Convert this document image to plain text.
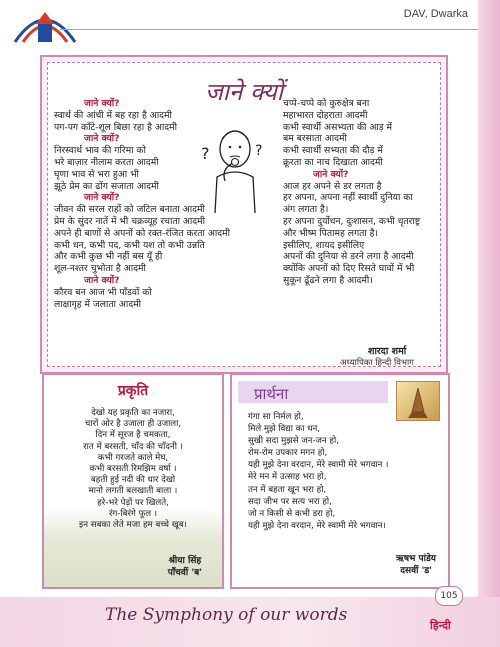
DAV, Dwarka
जाने क्यों
जाने क्यों?
स्वार्थ की आंधी में बह रहा है आदमी
पग-पग काँटे-शूल बिछा रहा है आदमी
जाने क्यों?
निरस्वार्थ भाव की गरिमा को
भरे बाज़ार नीलाम करता आदमी
घृणा भाव से भरा हुआ भी
झूठे प्रेम का ढोंग सजाता आदमी
जाने क्यों?
जीवन की सरल राहों को जटिल बनाता आदमी
प्रेम के सुंदर नातें में भी चक्रव्यूह रचाता आदमी
अपने ही बाणों से अपनों को रक्त-रंजित करता आदमी
कभी धन, कभी पद, कभी यश तो कभी उन्नति
और कभी कुछ भी नहीं बस यूँ ही
शूल-नश्तर चुभोता है आदमी
जाने क्यों?
कौरव बन आज भी पाँडवों को
लाक्षागृह में जलाता आदमी
चप्पे-चप्पे को कुरुक्षेत्र बना
महाभारत दोहराता आदमी
कभी स्वार्थी असभ्यता की आड़ में
बम बरसाता आदमी
कभी स्वार्थी सभ्यता की दौड़ में
क्रूरता का नाच दिखाता आदमी
जाने क्यों?
आज हर अपने से डर लगता है
हर अपना, अपना नहीं स्वार्थी दुनिया का
अंग लगता है।
हर अपना दुर्योधन, दुःशासन, कभी धृतराष्ट्र
और भीष्म पितामह लगता है।
इसीलिए, शायद इसीलिए
अपनों की दुनिया से डरने लगा है आदमी
क्योंकि अपनों को दिए रिसते घावों में भी
सुकून ढूँढने लगा है आदमी।
?	?
शारदा शर्मा
अध्यापिका हिन्दी विभाग
प्रकृति
देखो यह प्रकृति का नजारा,
चारों ओर है उजाला ही उजाला,
दिन में सूरज है चमकता,
रात में बरसती, चाँद की चाँदनी ।
कभी गरजते काले मेघ,
कभी बरसती रिमझिम वर्षा ।
बहती हुई नदी की धार देखो
मानो लगती बलखाती बाला ।
हरे-भरे पेड़ों पर खिलते,
रंग-बिरंगे फूल ।
इन सबका लेते मजा हम बच्चे खूब।
श्रीया सिंह
पाँचवीं 'ब'
प्रार्थना
गंगा सा निर्मल हो,
मिले मुझे विद्या का धन,
सुखी सदा मुझसे जन-जन हो,
रोम-रोम उपकार मगन हो,
यही मुझे देना वरदान, मेरे स्वामी मेरे भगवान ।
मेरे मन में उत्साह भरा हो,
तन में बहता खून भरा हो,
सदा जीभ पर सत्य भरा हो,
जो न किसी से कभी डरा हो,
यही मुझे देना वरदान, मेरे स्वामी मेरे भगवान।
ऋषभ पांडेय
दसवीं 'ड'
105
The Symphony of our words
हिन्दी
